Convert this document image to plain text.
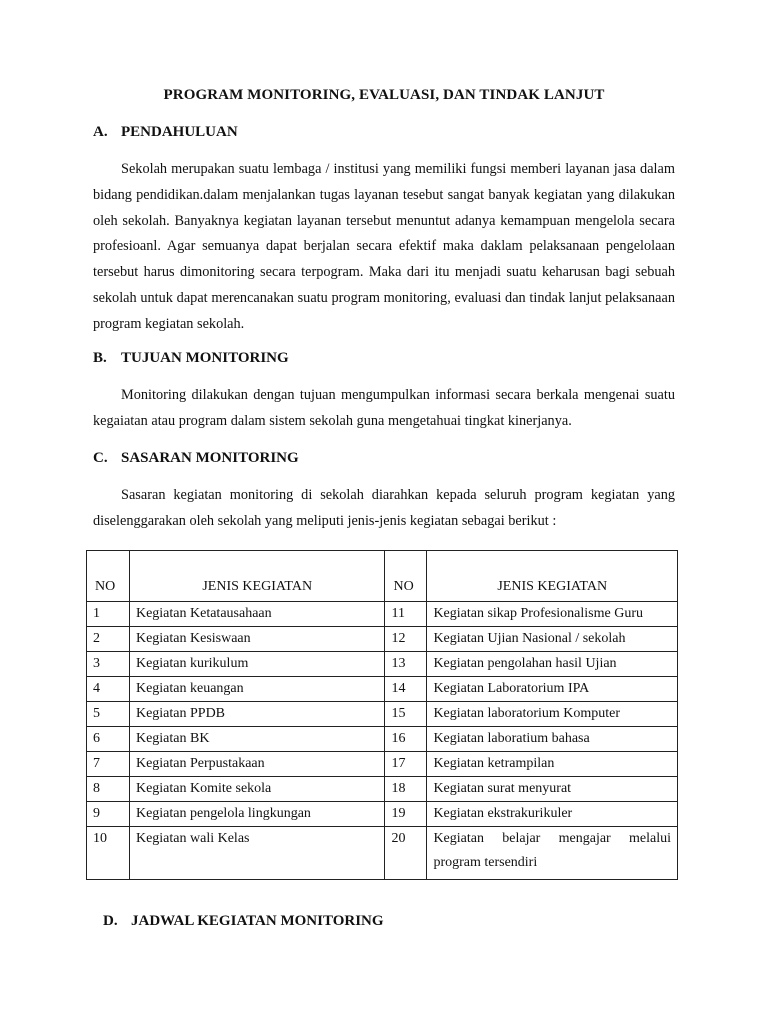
PROGRAM MONITORING, EVALUASI, DAN TINDAK LANJUT
A. PENDAHULUAN

Sekolah merupakan suatu lembaga / institusi yang memiliki fungsi memberi layanan jasa dalam bidang pendidikan.dalam menjalankan tugas layanan tesebut sangat banyak kegiatan yang dilakukan oleh sekolah. Banyaknya kegiatan layanan tersebut menuntut adanya kemampuan mengelola secara profesioanl. Agar semuanya dapat berjalan secara efektif maka daklam pelaksanaan pengelolaan tersebut harus dimonitoring secara terpogram. Maka dari itu menjadi suatu keharusan bagi sebuah sekolah untuk dapat merencanakan suatu program monitoring, evaluasi dan tindak lanjut pelaksanaan program kegiatan sekolah.

B. TUJUAN MONITORING

Monitoring dilakukan dengan tujuan mengumpulkan informasi secara berkala mengenai suatu kegaiatan atau program dalam sistem sekolah guna mengetahuai tingkat kinerjanya.

C. SASARAN MONITORING

Sasaran kegiatan monitoring di sekolah diarahkan kepada seluruh program kegiatan yang diselenggarakan oleh sekolah yang meliputi jenis-jenis kegiatan sebagai berikut :

NO	JENIS KEGIATAN	NO	JENIS KEGIATAN
1	Kegiatan Ketatausahaan	11	Kegiatan sikap Profesionalisme Guru
2	Kegiatan Kesiswaan	12	Kegiatan Ujian Nasional / sekolah
3	Kegiatan kurikulum	13	Kegiatan pengolahan hasil Ujian
4	Kegiatan keuangan	14	Kegiatan Laboratorium IPA
5	Kegiatan PPDB	15	Kegiatan laboratorium Komputer
6	Kegiatan BK	16	Kegiatan laboratium bahasa
7	Kegiatan Perpustakaan	17	Kegiatan ketrampilan
8	Kegiatan Komite sekola	18	Kegiatan surat menyurat
9	Kegiatan pengelola lingkungan	19	Kegiatan ekstrakurikuler
10	Kegiatan wali Kelas	20	Kegiatan belajar mengajar melalui
program tersendiri
D. JADWAL KEGIATAN MONITORING
